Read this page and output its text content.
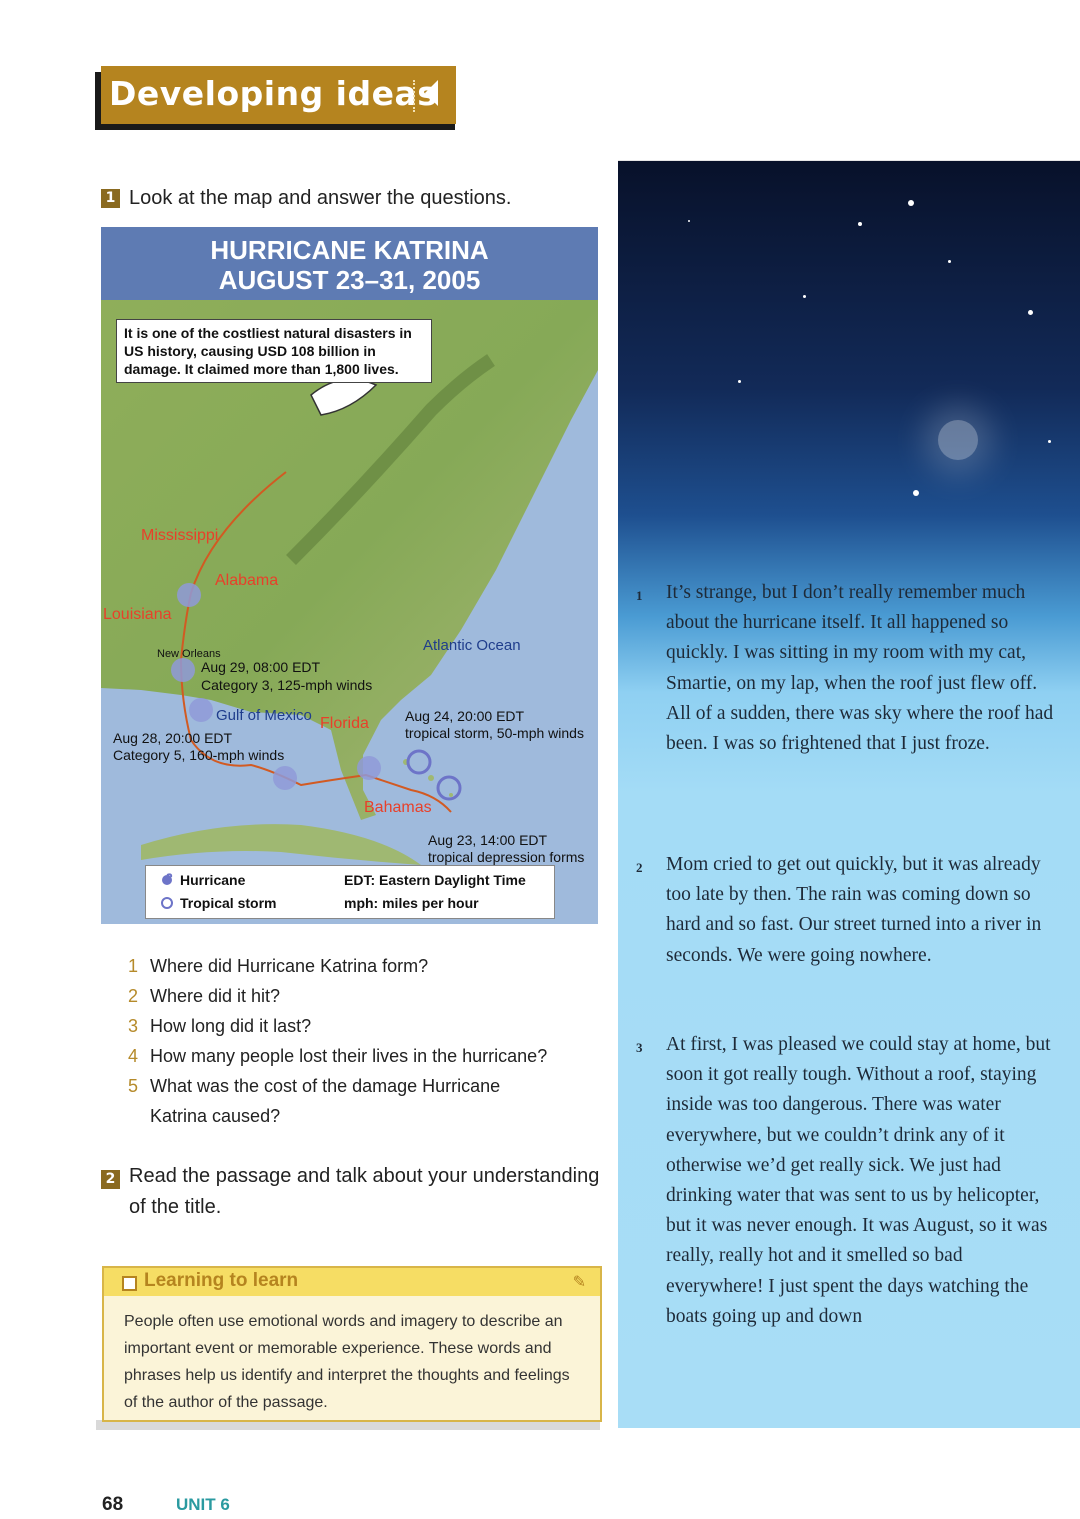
Developing ideas
1 Look at the map and answer the questions.
HURRICANE KATRINA
AUGUST 23–31, 2005
It is one of the costliest natural disasters in US history, causing USD 108 billion in damage. It claimed more than 1,800 lives.
Mississippi
Alabama
Louisiana
Florida
Bahamas
Atlantic Ocean
Gulf of Mexico
New Orleans
Aug 29, 08:00 EDT
Category 3, 125-mph winds
Aug 28, 20:00 EDT
Category 5, 160-mph winds
Aug 24, 20:00 EDT
tropical storm, 50-mph winds
Aug 23, 14:00 EDT
tropical depression forms
Hurricane
Tropical storm
EDT: Eastern Daylight Time
mph: miles per hour
1 Where did Hurricane Katrina form?
2 Where did it hit?
3 How long did it last?
4 How many people lost their lives in the hurricane?
5 What was the cost of the damage Hurricane
Katrina caused?
2 Read the passage and talk about your understanding
of the title.
Learning to learn	✎
People often use emotional words and imagery to describe an important event or memorable experience. These words and phrases help us identify and interpret the thoughts and feelings of the author of the passage.
68	UNIT 6
1 It’s strange, but I don’t really remember much about the hurricane itself. It all happened so quickly. I was sitting in my room with my cat, Smartie, on my lap, when the roof just flew off. All of a sudden, there was sky where the roof had been. I was so frightened that I just froze.
2 Mom cried to get out quickly, but it was already too late by then. The rain was coming down so hard and so fast. Our street turned into a river in seconds. We were going nowhere.
3 At first, I was pleased we could stay at home, but soon it got really tough. Without a roof, staying inside was too dangerous. There was water everywhere, but we couldn’t drink any of it otherwise we’d get really sick. We just had drinking water that was sent to us by helicopter, but it was never enough. It was August, so it was really, really hot and it smelled so bad everywhere! I just spent the days watching the boats going up and down
